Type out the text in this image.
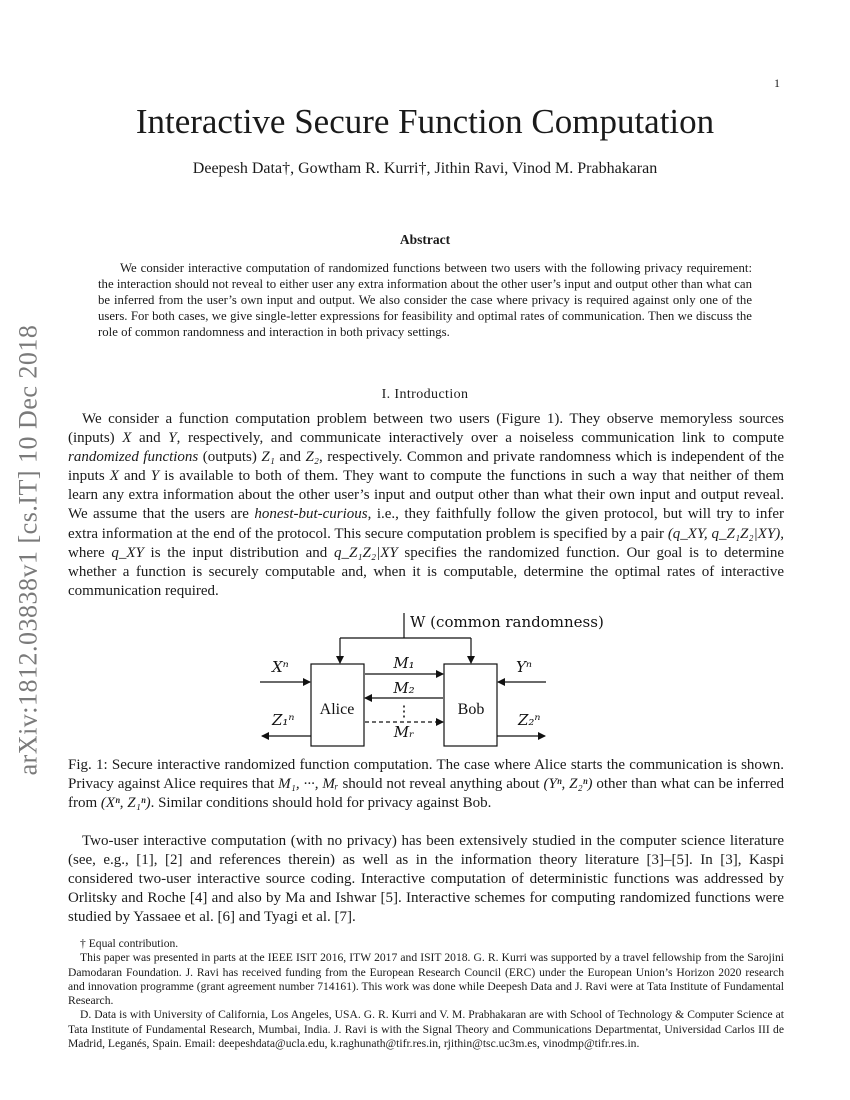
1
arXiv:1812.03838v1 [cs.IT] 10 Dec 2018
Interactive Secure Function Computation
Deepesh Data†, Gowtham R. Kurri†, Jithin Ravi, Vinod M. Prabhakaran
Abstract

We consider interactive computation of randomized functions between two users with the following privacy requirement: the interaction should not reveal to either user any extra information about the other user’s input and output other than what can be inferred from the user’s own input and output. We also consider the case where privacy is required against only one of the users. For both cases, we give single-letter expressions for feasibility and optimal rates of communication. Then we discuss the role of common randomness and interaction in both privacy settings.

I. Introduction

We consider a function computation problem between two users (Figure 1). They observe memoryless sources (inputs) X and Y, respectively, and communicate interactively over a noiseless communication link to compute randomized functions (outputs) Z₁ and Z₂, respectively. Common and private randomness which is independent of the inputs X and Y is available to both of them. They want to compute the functions in such a way that neither of them learn any extra information about the other user’s input and output other than what their own input and output reveal. We assume that the users are honest-but-curious, i.e., they faithfully follow the given protocol, but will try to infer extra information at the end of the protocol. This secure computation problem is specified by a pair (q_XY, q_Z₁Z₂|XY), where q_XY is the input distribution and q_Z₁Z₂|XY specifies the randomized function. Our goal is to determine whether a function is securely computable and, when it is computable, determine the optimal rates of interactive communication required.

Alice	Bob
W (common randomness)
Xⁿ	Yⁿ
Z₁ⁿ	Z₂ⁿ
M₁
M₂
⋮
Mᵣ

Fig. 1: Secure interactive randomized function computation. The case where Alice starts the communication is shown. Privacy against Alice requires that M₁, ···, Mᵣ should not reveal anything about (Yⁿ, Z₂ⁿ) other than what can be inferred from (Xⁿ, Z₁ⁿ). Similar conditions should hold for privacy against Bob.

Two-user interactive computation (with no privacy) has been extensively studied in the computer science literature (see, e.g., [1], [2] and references therein) as well as in the information theory literature [3]–[5]. In [3], Kaspi considered two-user interactive source coding. Interactive computation of deterministic functions was addressed by Orlitsky and Roche [4] and also by Ma and Ishwar [5]. Interactive schemes for computing randomized functions were studied by Yassaee et al. [6] and Tyagi et al. [7].

† Equal contribution.

This paper was presented in parts at the IEEE ISIT 2016, ITW 2017 and ISIT 2018. G. R. Kurri was supported by a travel fellowship from the Sarojini Damodaran Foundation. J. Ravi has received funding from the European Research Council (ERC) under the European Union’s Horizon 2020 research and innovation programme (grant agreement number 714161). This work was done while Deepesh Data and J. Ravi were at Tata Institute of Fundamental Research.

D. Data is with University of California, Los Angeles, USA. G. R. Kurri and V. M. Prabhakaran are with School of Technology & Computer Science at Tata Institute of Fundamental Research, Mumbai, India. J. Ravi is with the Signal Theory and Communications Departmentat, Universidad Carlos III de Madrid, Leganés, Spain. Email: deepeshdata@ucla.edu, k.raghunath@tifr.res.in, rjithin@tsc.uc3m.es, vinodmp@tifr.res.in.
